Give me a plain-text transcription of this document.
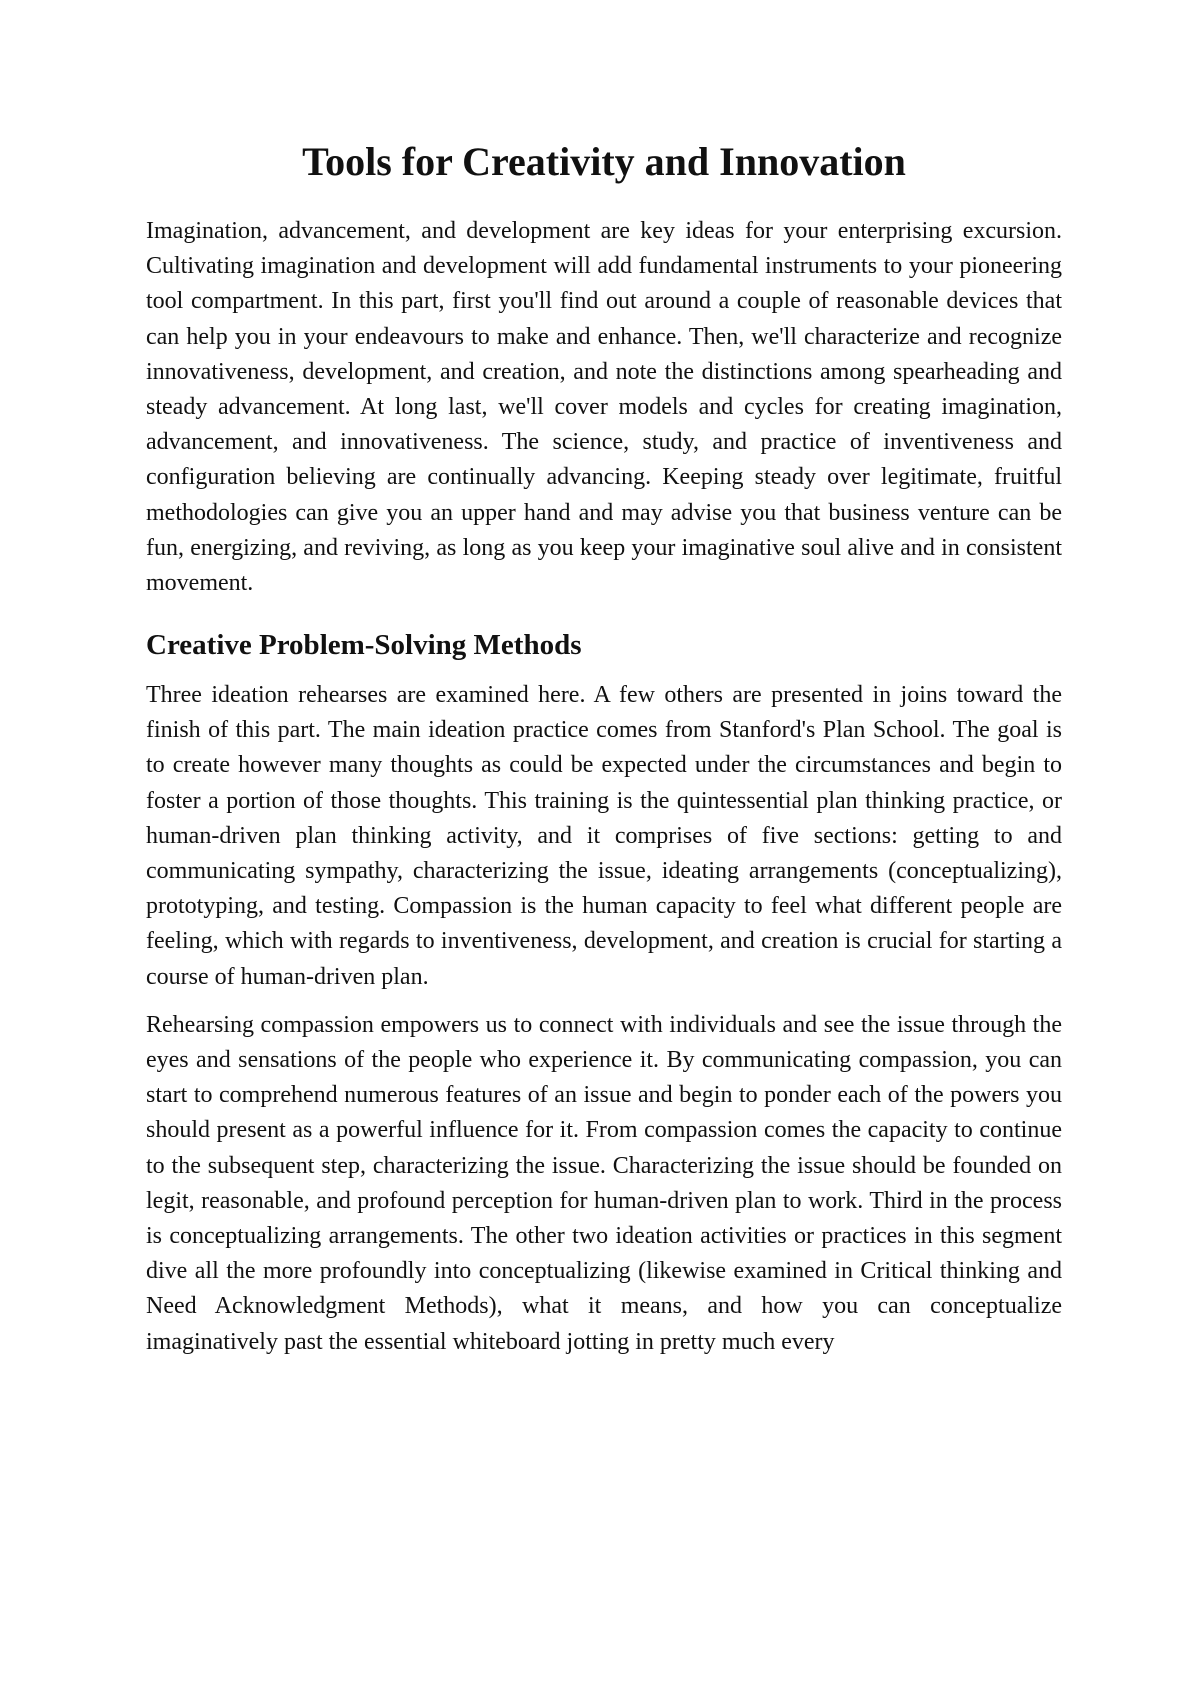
Tools for Creativity and Innovation

Imagination, advancement, and development are key ideas for your enterprising excursion. Cultivating imagination and development will add fundamental instruments to your pioneering tool compartment. In this part, first you'll find out around a couple of reasonable devices that can help you in your endeavours to make and enhance. Then, we'll characterize and recognize innovativeness, development, and creation, and note the distinctions among spearheading and steady advancement. At long last, we'll cover models and cycles for creating imagination, advancement, and innovativeness. The science, study, and practice of inventiveness and configuration believing are continually advancing. Keeping steady over legitimate, fruitful methodologies can give you an upper hand and may advise you that business venture can be fun, energizing, and reviving, as long as you keep your imaginative soul alive and in consistent movement.

Creative Problem-Solving Methods

Three ideation rehearses are examined here. A few others are presented in joins toward the finish of this part. The main ideation practice comes from Stanford's Plan School. The goal is to create however many thoughts as could be expected under the circumstances and begin to foster a portion of those thoughts. This training is the quintessential plan thinking practice, or human-driven plan thinking activity, and it comprises of five sections: getting to and communicating sympathy, characterizing the issue, ideating arrangements (conceptualizing), prototyping, and testing. Compassion is the human capacity to feel what different people are feeling, which with regards to inventiveness, development, and creation is crucial for starting a course of human-driven plan.

Rehearsing compassion empowers us to connect with individuals and see the issue through the eyes and sensations of the people who experience it. By communicating compassion, you can start to comprehend numerous features of an issue and begin to ponder each of the powers you should present as a powerful influence for it. From compassion comes the capacity to continue to the subsequent step, characterizing the issue. Characterizing the issue should be founded on legit, reasonable, and profound perception for human-driven plan to work. Third in the process is conceptualizing arrangements. The other two ideation activities or practices in this segment dive all the more profoundly into conceptualizing (likewise examined in Critical thinking and Need Acknowledgment Methods), what it means, and how you can conceptualize imaginatively past the essential whiteboard jotting in pretty much every
